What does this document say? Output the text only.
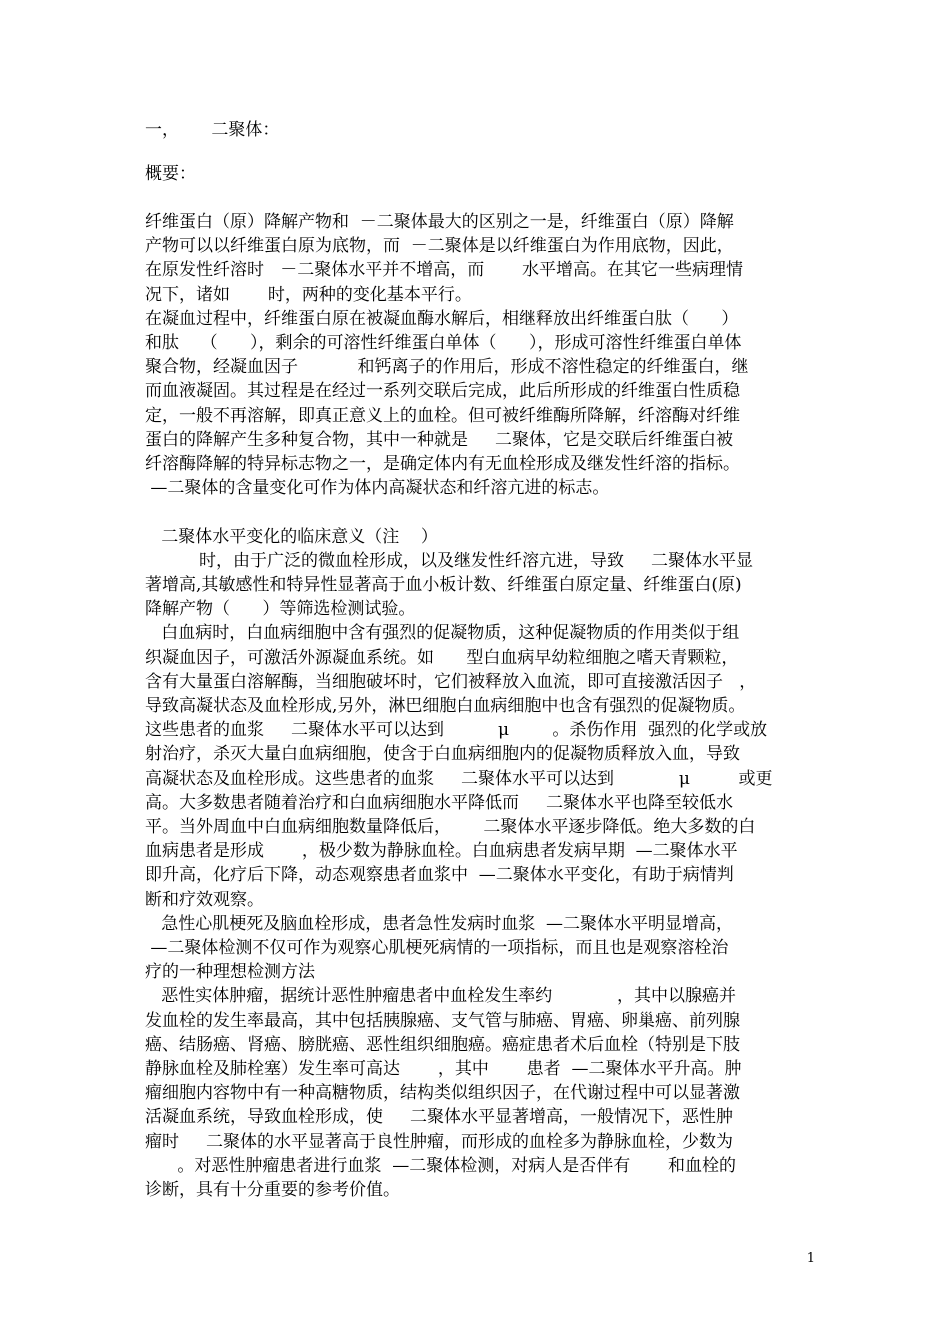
一，      二聚体：
概要：
纤维蛋白（原）降解产物和  －二聚体最大的区别之一是，纤维蛋白（原）降解
产物可以以纤维蛋白原为底物，而  －二聚体是以纤维蛋白为作用底物，因此，
在原发性纤溶时   －二聚体水平并不增高，而       水平增高。在其它一些病理情
况下，诸如       时，两种的变化基本平行。
在凝血过程中，纤维蛋白原在被凝血酶水解后，相继释放出纤维蛋白肽（      ）
和肽    （      ），剩余的可溶性纤维蛋白单体（      ），形成可溶性纤维蛋白单体
聚合物，经凝血因子           和钙离子的作用后，形成不溶性稳定的纤维蛋白，继
而血液凝固。其过程是在经过一系列交联后完成，此后所形成的纤维蛋白性质稳
定，一般不再溶解，即真正意义上的血栓。但可被纤维酶所降解，纤溶酶对纤维
蛋白的降解产生多种复合物，其中一种就是     二聚体，它是交联后纤维蛋白被
纤溶酶降解的特异标志物之一，是确定体内有无血栓形成及继发性纤溶的指标。
—二聚体的含量变化可作为体内高凝状态和纤溶亢进的标志。
二聚体水平变化的临床意义（注    ）
时，由于广泛的微血栓形成，以及继发性纤溶亢进，导致     二聚体水平显
著增高,其敏感性和特异性显著高于血小板计数、纤维蛋白原定量、纤维蛋白(原)
降解产物（      ）等筛选检测试验。
白血病时，白血病细胞中含有强烈的促凝物质，这种促凝物质的作用类似于组
织凝血因子，可激活外源凝血系统。如      型白血病早幼粒细胞之嗜天青颗粒，
含有大量蛋白溶解酶，当细胞破坏时，它们被释放入血流，即可直接激活因子   ，
导致高凝状态及血栓形成,另外，淋巴细胞白血病细胞中也含有强烈的促凝物质。
这些患者的血浆     二聚体水平可以达到          μ        。杀伤作用  强烈的化学或放
射治疗，杀灭大量白血病细胞，使含于白血病细胞内的促凝物质释放入血，导致
高凝状态及血栓形成。这些患者的血浆     二聚体水平可以达到            μ         或更
高。大多数患者随着治疗和白血病细胞水平降低而     二聚体水平也降至较低水
平。当外周血中白血病细胞数量降低后，      二聚体水平逐步降低。绝大多数的白
血病患者是形成       ，极少数为静脉血栓。白血病患者发病早期  —二聚体水平
即升高，化疗后下降，动态观察患者血浆中  —二聚体水平变化，有助于病情判
断和疗效观察。
急性心肌梗死及脑血栓形成，患者急性发病时血浆  —二聚体水平明显增高，
—二聚体检测不仅可作为观察心肌梗死病情的一项指标，而且也是观察溶栓治
疗的一种理想检测方法
恶性实体肿瘤，据统计恶性肿瘤患者中血栓发生率约            ，其中以腺癌并
发血栓的发生率最高，其中包括胰腺癌、支气管与肺癌、胃癌、卵巢癌、前列腺
癌、结肠癌、肾癌、膀胱癌、恶性组织细胞癌。癌症患者术后血栓（特别是下肢
静脉血栓及肺栓塞）发生率可高达       ，其中       患者  —二聚体水平升高。肿
瘤细胞内容物中有一种高糖物质，结构类似组织因子，在代谢过程中可以显著激
活凝血系统，导致血栓形成，使     二聚体水平显著增高，一般情况下，恶性肿
瘤时     二聚体的水平显著高于良性肿瘤，而形成的血栓多为静脉血栓，少数为
。对恶性肿瘤患者进行血浆  —二聚体检测，对病人是否伴有       和血栓的
诊断，具有十分重要的参考价值。
1
